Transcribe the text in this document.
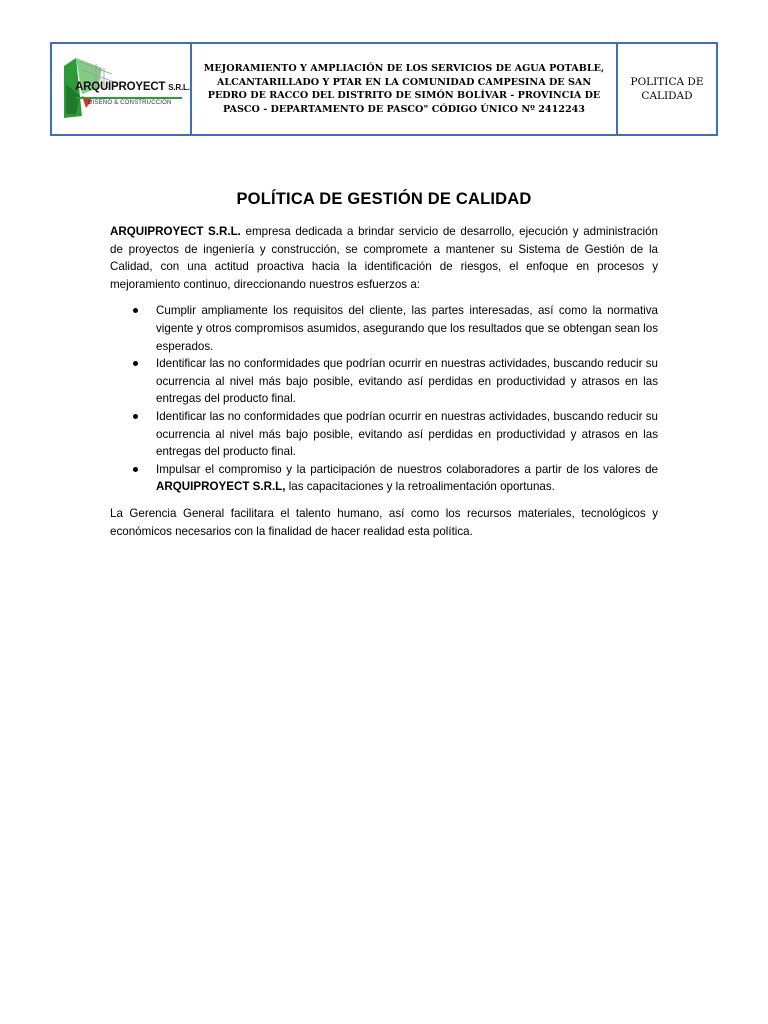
ARQUIPROYECT S.R.L.
DISEÑO & CONSTRUCCIÓN
MEJORAMIENTO Y AMPLIACIÓN DE LOS SERVICIOS DE AGUA POTABLE, ALCANTARILLADO Y PTAR EN LA COMUNIDAD CAMPESINA DE SAN PEDRO DE RACCO DEL DISTRITO DE SIMÓN BOLÍVAR - PROVINCIA DE PASCO - DEPARTAMENTO DE PASCO" CÓDIGO ÚNICO Nº 2412243
POLITICA DE CALIDAD
POLÍTICA DE GESTIÓN DE CALIDAD

ARQUIPROYECT S.R.L. empresa dedicada a brindar servicio de desarrollo, ejecución y administración de proyectos de ingeniería y construcción, se compromete a mantener su Sistema de Gestión de la Calidad, con una actitud proactiva hacia la identificación de riesgos, el enfoque en procesos y mejoramiento continuo, direccionando nuestros esfuerzos a:

Cumplir ampliamente los requisitos del cliente, las partes interesadas, así como la normativa vigente y otros compromisos asumidos, asegurando que los resultados que se obtengan sean los esperados.
Identificar las no conformidades que podrían ocurrir en nuestras actividades, buscando reducir su ocurrencia al nivel más bajo posible, evitando así perdidas en productividad y atrasos en las entregas del producto final.
Identificar las no conformidades que podrían ocurrir en nuestras actividades, buscando reducir su ocurrencia al nivel más bajo posible, evitando así perdidas en productividad y atrasos en las entregas del producto final.
Impulsar el compromiso y la participación de nuestros colaboradores a partir de los valores de ARQUIPROYECT S.R.L, las capacitaciones y la retroalimentación oportunas.

La Gerencia General facilitara el talento humano, así como los recursos materiales, tecnológicos y económicos necesarios con la finalidad de hacer realidad esta política.
